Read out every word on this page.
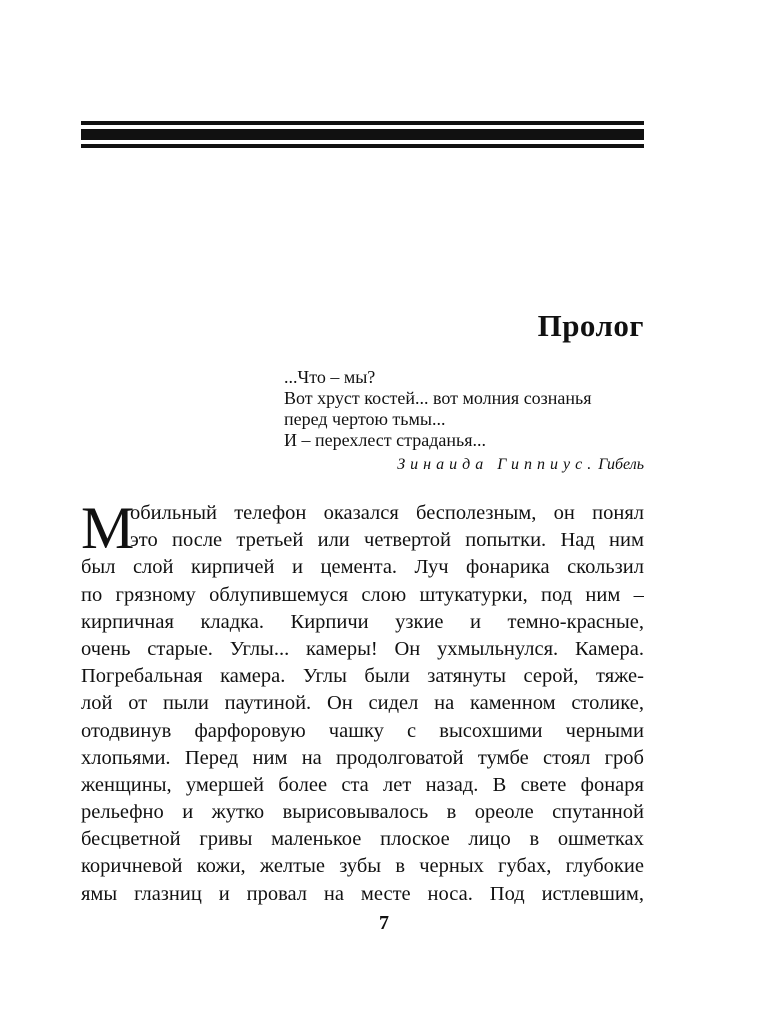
Пролог
...Что – мы?
Вот хруст костей... вот молния сознанья
перед чертою тьмы...
И – перехлест страданья...
Зинаида Гиппиус. Гибель
М
обильный телефон оказался бесполезным, он понял
это после третьей или четвертой попытки. Над ним
был слой кирпичей и цемента. Луч фонарика скользил
по грязному облупившемуся слою штукатурки, под ним –
кирпичная кладка. Кирпичи узкие и темно-красные,
очень старые. Углы... камеры! Он ухмыльнулся. Камера.
Погребальная камера. Углы были затянуты серой, тяже-
лой от пыли паутиной. Он сидел на каменном столике,
отодвинув фарфоровую чашку с высохшими черными
хлопьями. Перед ним на продолговатой тумбе стоял гроб
женщины, умершей более ста лет назад. В свете фонаря
рельефно и жутко вырисовывалось в ореоле спутанной
бесцветной гривы маленькое плоское лицо в ошметках
коричневой кожи, желтые зубы в черных губах, глубокие
ямы глазниц и провал на месте носа. Под истлевшим,
7
